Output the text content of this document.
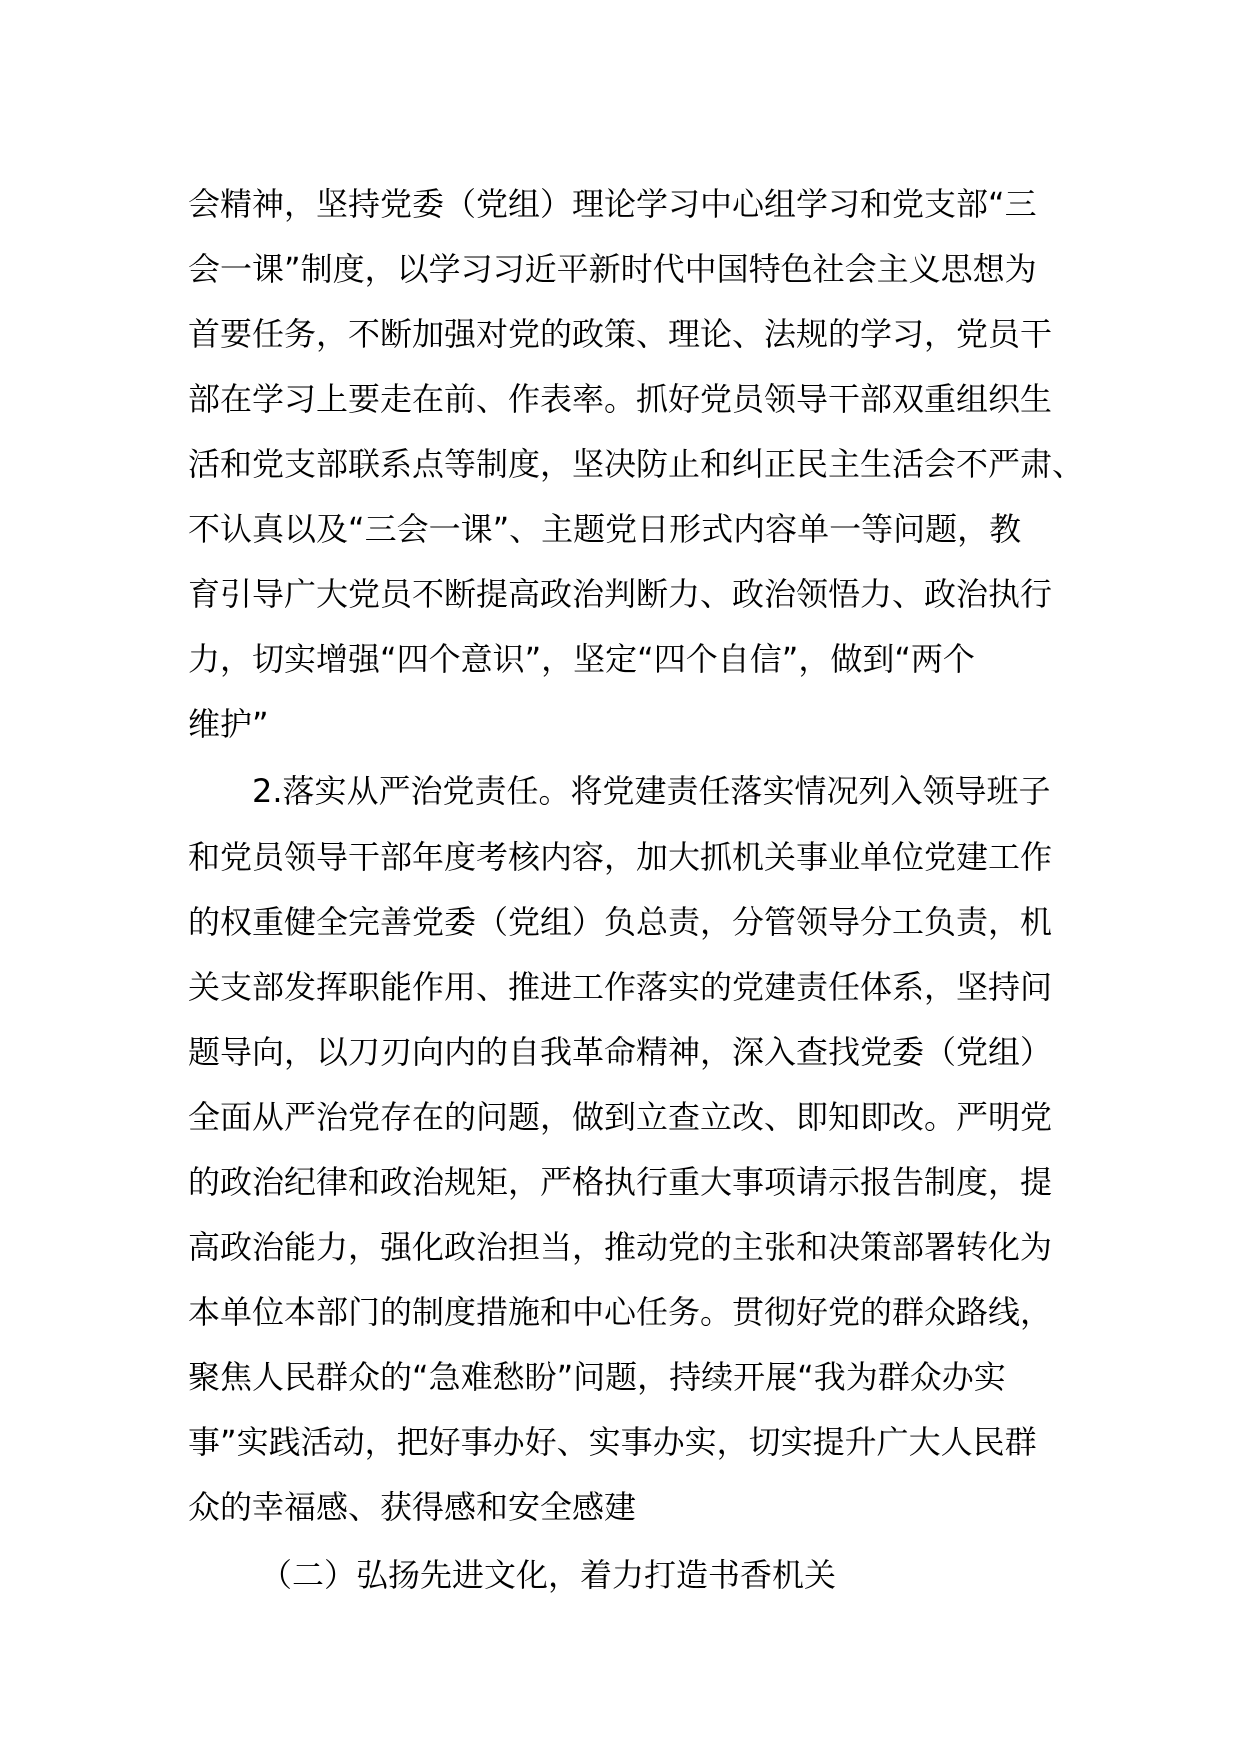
会精神，坚持党委（党组）理论学习中心组学习和党支部“三
会一课”制度，以学习习近平新时代中国特色社会主义思想为
首要任务，不断加强对党的政策、理论、法规的学习，党员干
部在学习上要走在前、作表率。抓好党员领导干部双重组织生
活和党支部联系点等制度，坚决防止和纠正民主生活会不严肃、
不认真以及“三会一课”、主题党日形式内容单一等问题，教
育引导广大党员不断提高政治判断力、政治领悟力、政治执行
力，切实增强“四个意识”，坚定“四个自信”，做到“两个
维护”
2.落实从严治党责任。将党建责任落实情况列入领导班子
和党员领导干部年度考核内容，加大抓机关事业单位党建工作
的权重健全完善党委（党组）负总责，分管领导分工负责，机
关支部发挥职能作用、推进工作落实的党建责任体系，坚持问
题导向，以刀刃向内的自我革命精神，深入查找党委（党组）
全面从严治党存在的问题，做到立查立改、即知即改。严明党
的政治纪律和政治规矩，严格执行重大事项请示报告制度，提
高政治能力，强化政治担当，推动党的主张和决策部署转化为
本单位本部门的制度措施和中心任务。贯彻好党的群众路线，
聚焦人民群众的“急难愁盼”问题，持续开展“我为群众办实
事”实践活动，把好事办好、实事办实，切实提升广大人民群
众的幸福感、获得感和安全感建
（二）弘扬先进文化，着力打造书香机关
